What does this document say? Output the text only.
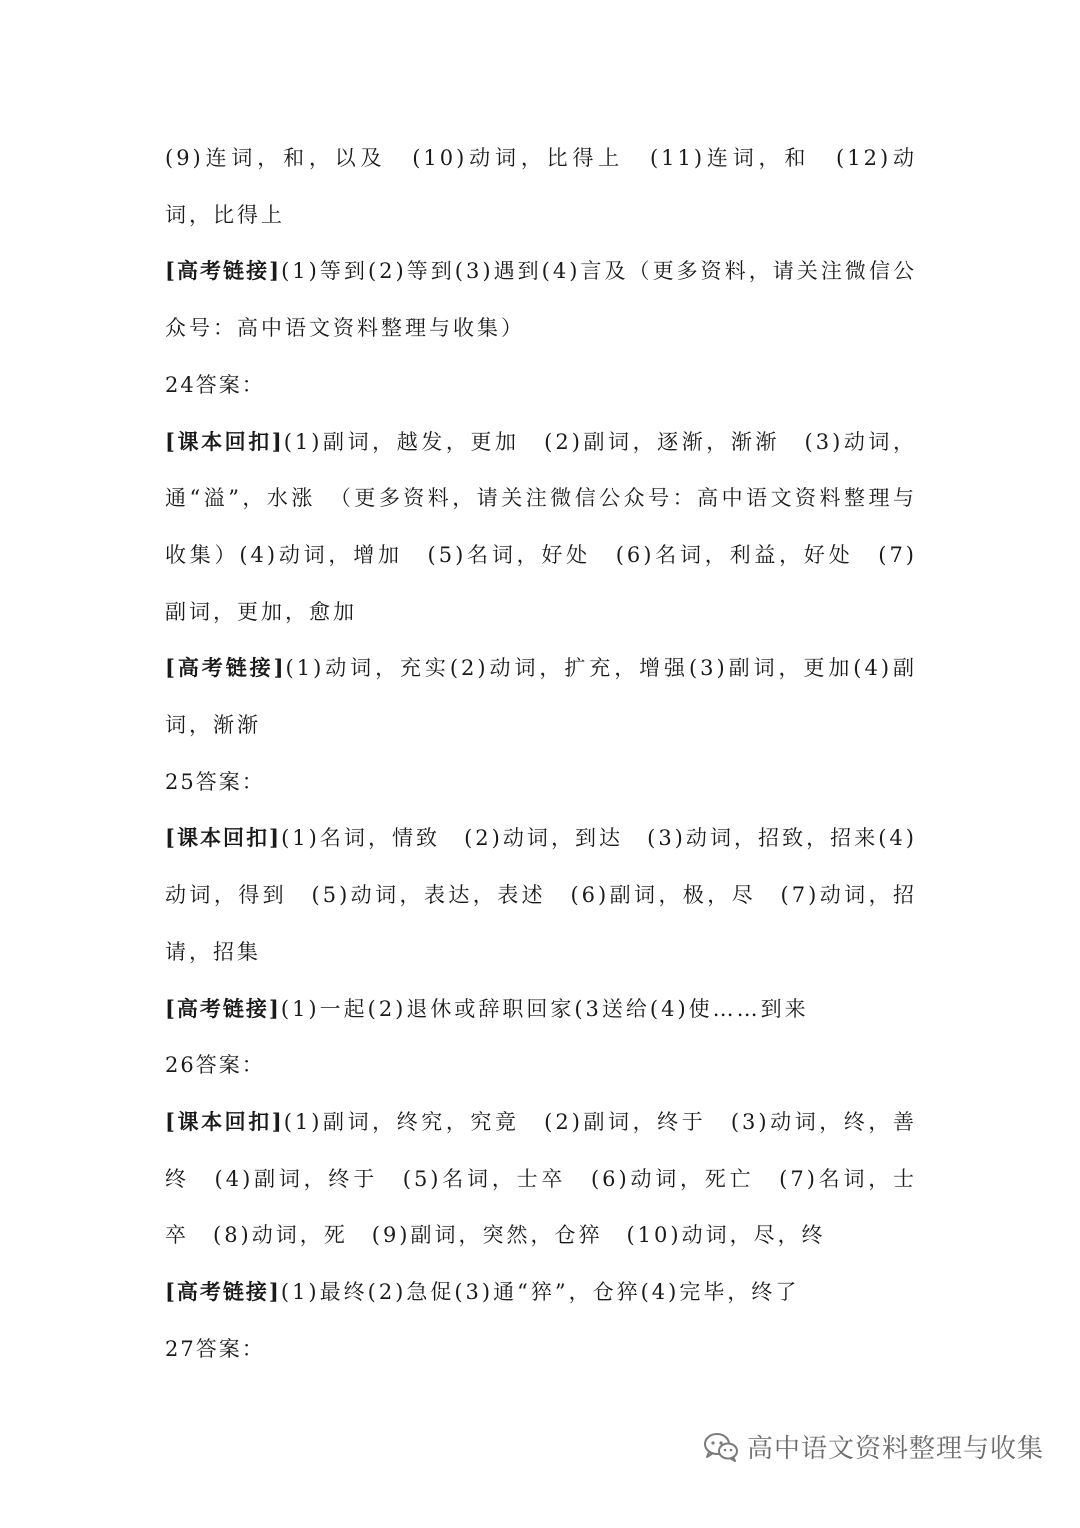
(9)连词，和，以及　(10)动词，比得上　(11)连词，和　(12)动词，比得上

[高考链接](1)等到(2)等到(3)遇到(4)言及（更多资料，请关注微信公众号：高中语文资料整理与收集）

24答案：

[课本回扣](1)副词，越发，更加　(2)副词，逐渐，渐渐　(3)动词，通“溢”，水涨　（更多资料，请关注微信公众号：高中语文资料整理与收集）(4)动词，增加　(5)名词，好处　(6)名词，利益，好处　(7)副词，更加，愈加

[高考链接](1)动词，充实(2)动词，扩充，增强(3)副词，更加(4)副词，渐渐

25答案：

[课本回扣](1)名词，情致　(2)动词，到达　(3)动词，招致，招来(4)动词，得到　(5)动词，表达，表述　(6)副词，极，尽　(7)动词，招请，招集

[高考链接](1)一起(2)退休或辞职回家(3送给(4)使……到来

26答案：

[课本回扣](1)副词，终究，究竟　(2)副词，终于　(3)动词，终，善终　(4)副词，终于　(5)名词，士卒　(6)动词，死亡　(7)名词，士卒　(8)动词，死　(9)副词，突然，仓猝　(10)动词，尽，终

[高考链接](1)最终(2)急促(3)通“猝”，仓猝(4)完毕，终了

27答案：

高中语文资料整理与收集
